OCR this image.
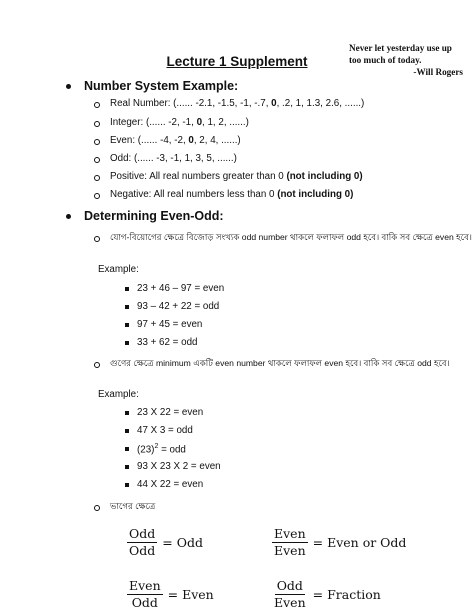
Never let yesterday use up
too much of today.
-Will Rogers
Lecture 1 Supplement
Number System Example:
Real Number: (...... -2.1, -1.5, -1, -.7, 0, .2, 1, 1.3, 2.6, ......)
Integer: (...... -2, -1, 0, 1, 2, ......)
Even: (...... -4, -2, 0, 2, 4, ......)
Odd: (...... -3, -1, 1, 3, 5, ......)
Positive: All real numbers greater than 0 (not including 0)
Negative: All real numbers less than 0 (not including 0)
Determining Even-Odd:
যোগ-বিয়োগের ক্ষেত্রে বিজোড় সংখ্যক odd number থাকলে ফলাফল odd হবে। বাকি সব ক্ষেত্রে even হবে।
Example:
23 + 46 – 97 = even
93 – 42 + 22 = odd
97 + 45 = even
33 + 62 = odd
গুণের ক্ষেত্রে minimum একটি even number থাকলে ফলাফল even হবে। বাকি সব ক্ষেত্রে odd হবে।
Example:
23 X 22 = even
47 X 3 = odd
$(23)^2$ = odd
93 X 23 X 2 = even
44 X 22 = even
ভাগের ক্ষেত্রে
$\frac{\text{Odd}}{\text{Odd}}$ = Odd	$\frac{\text{Even}}{\text{Even}}$ = Even or Odd
$\frac{\text{Even}}{\text{Odd}}$ = Even	$\frac{\text{Odd}}{\text{Even}}$ = Fraction
